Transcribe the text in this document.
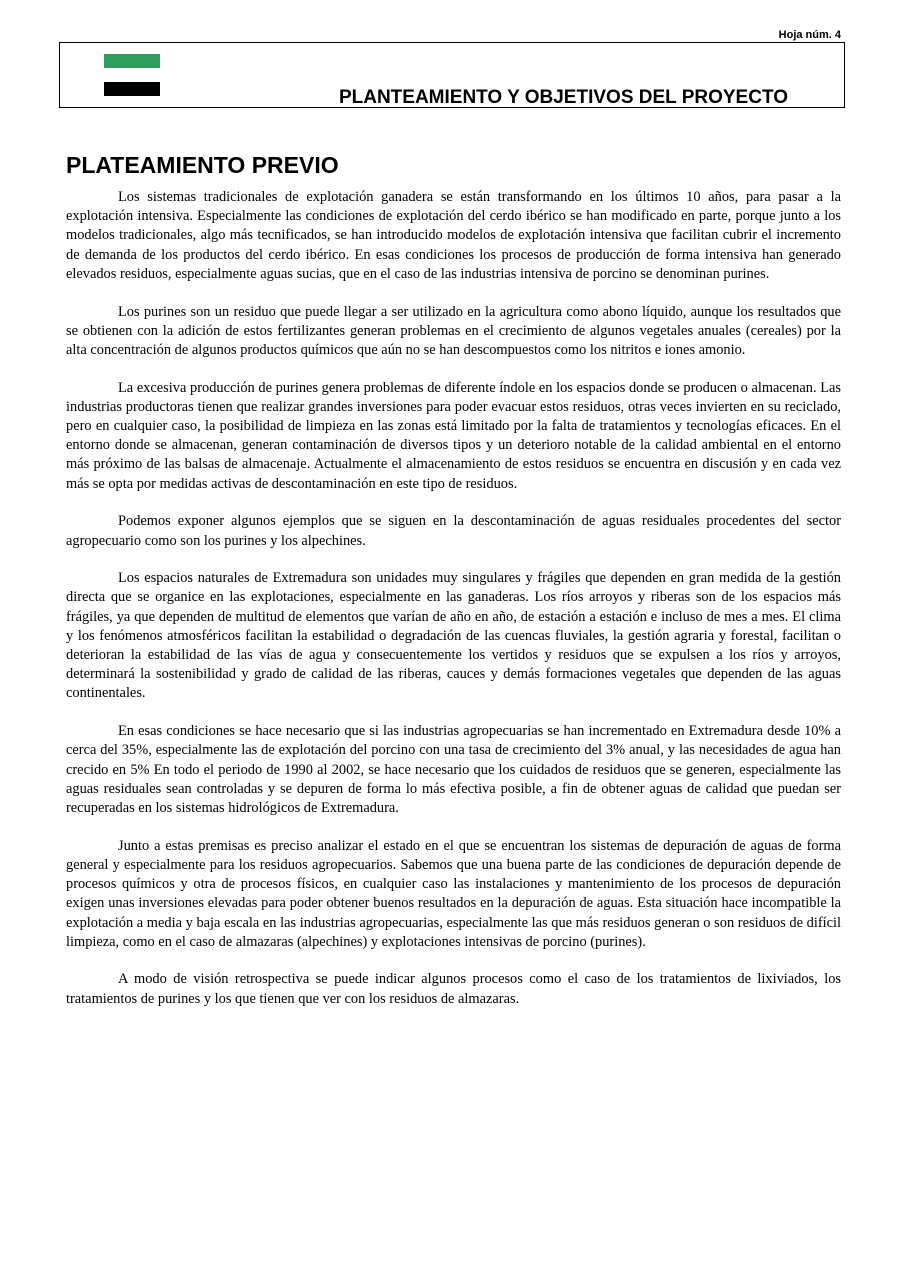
Hoja núm. 4
PLANTEAMIENTO Y OBJETIVOS DEL PROYECTO
PLATEAMIENTO PREVIO

Los sistemas tradicionales de explotación ganadera se están transformando en los últimos 10 años, para pasar a la explotación intensiva. Especialmente las condiciones de explotación del cerdo ibérico se han modificado en parte, porque junto a los modelos tradicionales, algo más tecnificados, se han introducido modelos de explotación intensiva que facilitan cubrir el incremento de demanda de los productos del cerdo ibérico. En esas condiciones los procesos de producción de forma intensiva han generado elevados residuos, especialmente aguas sucias, que en el caso de las industrias intensiva de porcino se denominan purines.

Los purines son un residuo que puede llegar a ser utilizado en la agricultura como abono líquido, aunque los resultados que se obtienen con la adición de estos fertilizantes generan problemas en el crecimiento de algunos vegetales anuales (cereales) por la alta concentración de algunos productos químicos que aún no se han descompuestos como los nitritos e iones amonio.

La excesiva producción de purines genera problemas de diferente índole en los espacios donde se producen o almacenan. Las industrias productoras tienen que realizar grandes inversiones para poder evacuar estos residuos, otras veces invierten en su reciclado, pero en cualquier caso, la posibilidad de limpieza en las zonas está limitado por la falta de tratamientos y tecnologías eficaces. En el entorno donde se almacenan, generan contaminación de diversos tipos y un deterioro notable de la calidad ambiental en el entorno más próximo de las balsas de almacenaje. Actualmente el almacenamiento de estos residuos se encuentra en discusión y en cada vez más se opta por medidas activas de descontaminación en este tipo de residuos.

Podemos exponer algunos ejemplos que se siguen en la descontaminación de aguas residuales procedentes del sector agropecuario como son los purines y los alpechines.

Los espacios naturales de Extremadura son unidades muy singulares y frágiles que dependen en gran medida de la gestión directa que se organice en las explotaciones, especialmente en las ganaderas. Los ríos arroyos y riberas son de los espacios más frágiles, ya que dependen de multitud de elementos que varían de año en año, de estación a estación e incluso de mes a mes. El clima y los fenómenos atmosféricos facilitan la estabilidad o degradación de las cuencas fluviales, la gestión agraria y forestal, facilitan o deterioran la estabilidad de las vías de agua y consecuentemente los vertidos y residuos que se expulsen a los ríos y arroyos, determinará la sostenibilidad y grado de calidad de las riberas, cauces y demás formaciones vegetales que dependen de las aguas continentales.

En esas condiciones se hace necesario que si las industrias agropecuarias se han incrementado en Extremadura desde 10% a cerca del 35%, especialmente las de explotación del porcino con una tasa de crecimiento del 3% anual, y las necesidades de agua han crecido en 5% En todo el periodo de 1990 al 2002, se hace necesario que los cuidados de residuos que se generen, especialmente las aguas residuales sean controladas y se depuren de forma lo más efectiva posible, a fin de obtener aguas de calidad que puedan ser recuperadas en los sistemas hidrológicos de Extremadura.

Junto a estas premisas es preciso analizar el estado en el que se encuentran los sistemas de depuración de aguas de forma general y especialmente para los residuos agropecuarios. Sabemos que una buena parte de las condiciones de depuración depende de procesos químicos y otra de procesos físicos, en cualquier caso las instalaciones y mantenimiento de los procesos de depuración exigen unas inversiones elevadas para poder obtener buenos resultados en la depuración de aguas. Esta situación hace incompatible la explotación a media y baja escala en las industrias agropecuarias, especialmente las que más residuos generan o son residuos de difícil limpieza, como en el caso de almazaras (alpechines) y explotaciones intensivas de porcino (purines).

A modo de visión retrospectiva se puede indicar algunos procesos como el caso de los tratamientos de lixiviados, los tratamientos de purines y los que tienen que ver con los residuos de almazaras.
